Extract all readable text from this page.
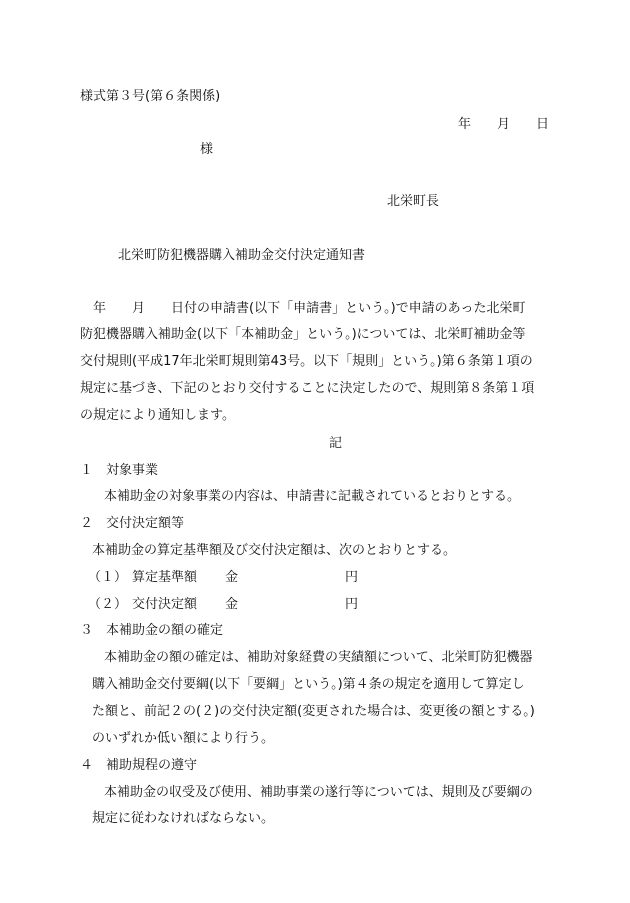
様式第３号(第６条関係)
年　　月　　日
様
北栄町長
北栄町防犯機器購入補助金交付決定通知書
年　　月　　日付の申請書(以下「申請書」という。)で申請のあった北栄町
防犯機器購入補助金(以下「本補助金」という。)については、北栄町補助金等
交付規則(平成17年北栄町規則第43号。以下「規則」という。)第６条第１項の
規定に基づき、下記のとおり交付することに決定したので、規則第８条第１項
の規定により通知します。
記
１　対象事業
本補助金の対象事業の内容は、申請書に記載されているとおりとする。
２　交付決定額等
本補助金の算定基準額及び交付決定額は、次のとおりとする。
（１） 算定基準額 金	円
（２） 交付決定額 金	円
３　本補助金の額の確定
本補助金の額の確定は、補助対象経費の実績額について、北栄町防犯機器
購入補助金交付要綱(以下「要綱」という。)第４条の規定を適用して算定し
た額と、前記２の(２)の交付決定額(変更された場合は、変更後の額とする。)
のいずれか低い額により行う。
４　補助規程の遵守
本補助金の収受及び使用、補助事業の遂行等については、規則及び要綱の
規定に従わなければならない。
